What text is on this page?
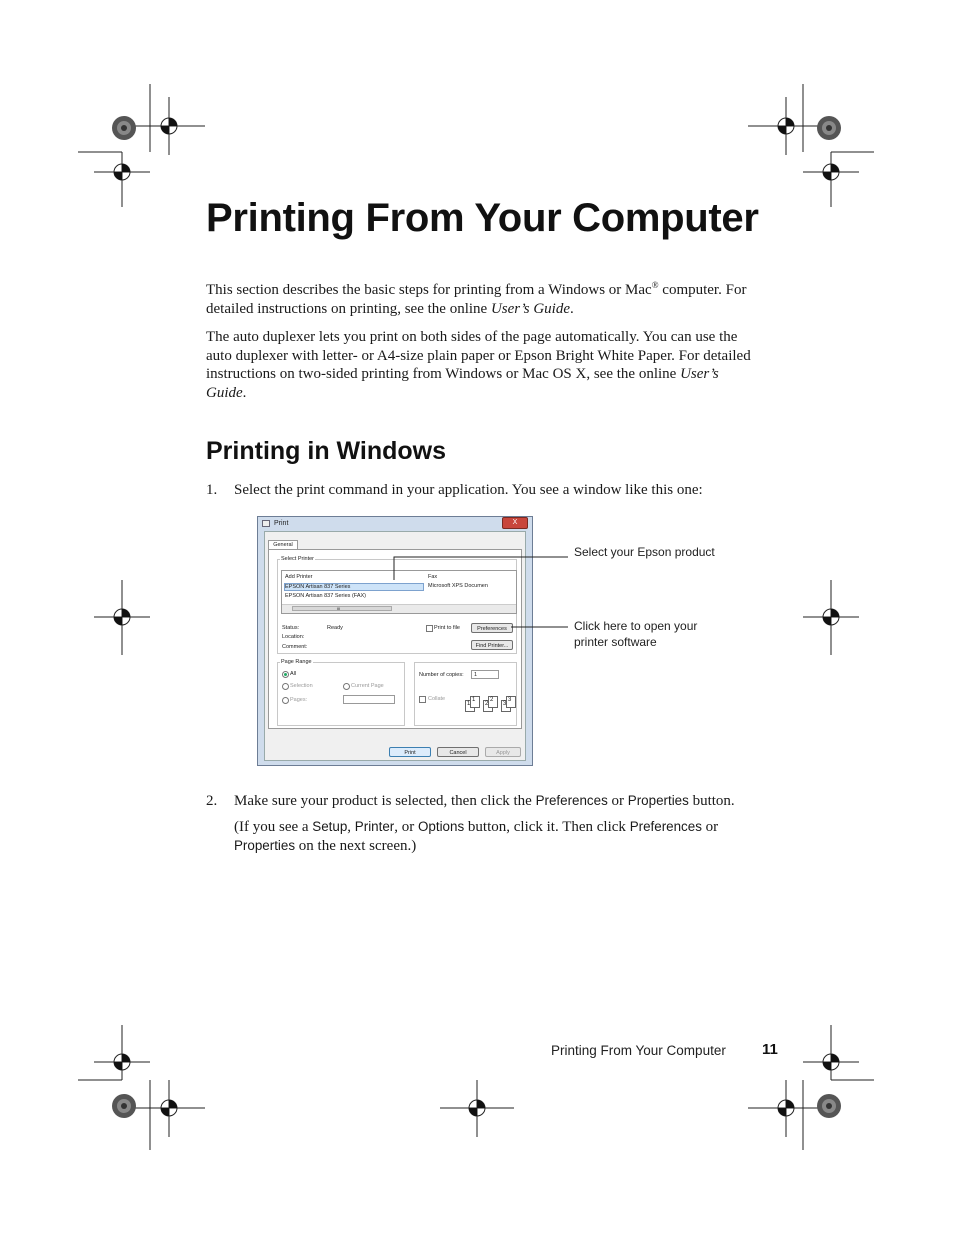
Printing From Your Computer

This section describes the basic steps for printing from a Windows or Mac® computer. For detailed instructions on printing, see the online User’s Guide.

The auto duplexer lets you print on both sides of the page automatically. You can use the auto duplexer with letter- or A4-size plain paper or Epson Bright White Paper. For detailed instructions on two-sided printing from Windows or Mac OS X, see the online User’s Guide.

Printing in Windows
1. Select the print command in your application. You see a window like this one:
Print	X
General
Select Printer
Add Printer
EPSON Artisan 837 Series
EPSON Artisan 837 Series (FAX)
Fax
Microsoft XPS Documen
III
Status:	Ready
Location:
Comment:
Print to file	Preferences
Find Printer...
Page Range
All
Selection	Current Page
Pages:
Number of copies:	1
Collate
1
1
2
2
3
3
Print	Cancel	Apply
Select your Epson product
Click here to open your printer software
2. Make sure your product is selected, then click the Preferences or Properties button.
(If you see a Setup, Printer, or Options button, click it. Then click Preferences or Properties on the next screen.)
Printing From Your Computer 11
